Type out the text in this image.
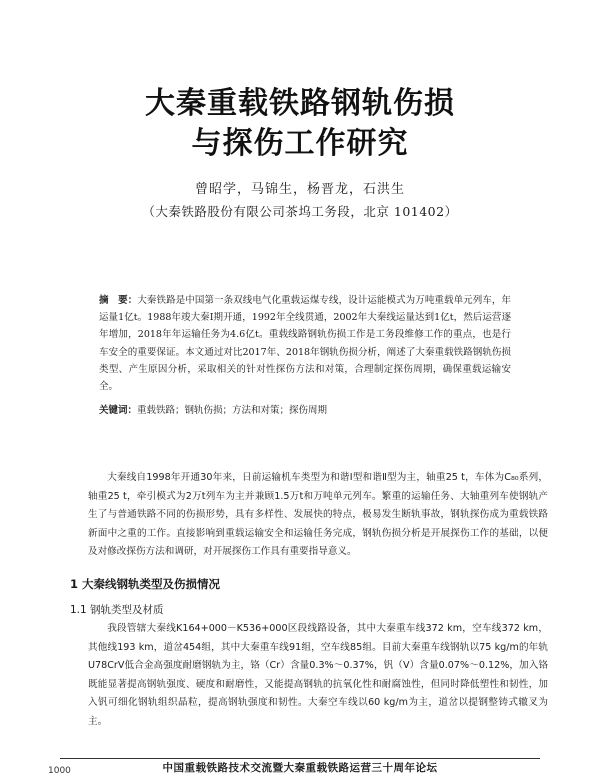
大秦重载铁路钢轨伤损
与探伤工作研究
曾昭学，马锦生，杨晋龙，石洪生
（大秦铁路股份有限公司茶坞工务段，北京 101402）
摘　要：大秦铁路是中国第一条双线电气化重载运煤专线，设计运能模式为万吨重载单元列车，年运量1亿t。1988年竣大秦Ⅰ期开通，1992年全线贯通，2002年大秦线运量达到1亿t，然后运营逐年增加，2018年年运输任务为4.6亿t。重载线路钢轨伤损工作是工务段维修工作的重点，也是行车安全的重要保证。本文通过对比2017年、2018年钢轨伤损分析，阐述了大秦重载铁路钢轨伤损类型、产生原因分析，采取相关的针对性探伤方法和对策，合理制定探伤周期，确保重载运输安全。
关键词：重载铁路；钢轨伤损；方法和对策；探伤周期
大秦线自1998年开通30年来，日前运输机车类型为和谐Ⅰ型和谐Ⅱ型为主，轴重25 t，车体为C₈₀系列，轴重25 t，牵引模式为2万t列车为主并兼顾1.5万t和万吨单元列车。繁重的运输任务、大轴重列车使钢轨产生了与普通铁路不同的伤损形势，具有多样性、发展快的特点，极易发生断轨事故，钢轨探伤成为重载铁路新面中之重的工作。直接影响到重载运输安全和运输任务完成，钢轨伤损分析是开展探伤工作的基础，以便及对修改探伤方法和调研，对开展探伤工作具有重要指导意义。
1 大秦线钢轨类型及伤损情况
1.1 钢轨类型及材质
我段管辖大秦线K164+000－K536+000区段线路设备，其中大秦重车线372 km，空车线372 km，其他线193 km，道岔454组，其中大秦重车线91组，空车线85组。目前大秦重车线钢轨以75 kg/m的年轨U78CrV低合金高强度耐磨钢轨为主，铬（Cr）含量0.3%～0.37%，钒（V）含量0.07%～0.12%，加入铬既能显著提高钢轨强度、硬度和耐磨性，又能提高钢轨的抗氧化性和耐腐蚀性，但同时降低塑性和韧性，加入钒可细化钢轨组织晶粒，提高钢轨强度和韧性。大秦空车线以60 kg/m为主，道岔以提钢整铸式辙叉为主。
中国重载铁路技术交流暨大秦重载铁路运营三十周年论坛
1000
